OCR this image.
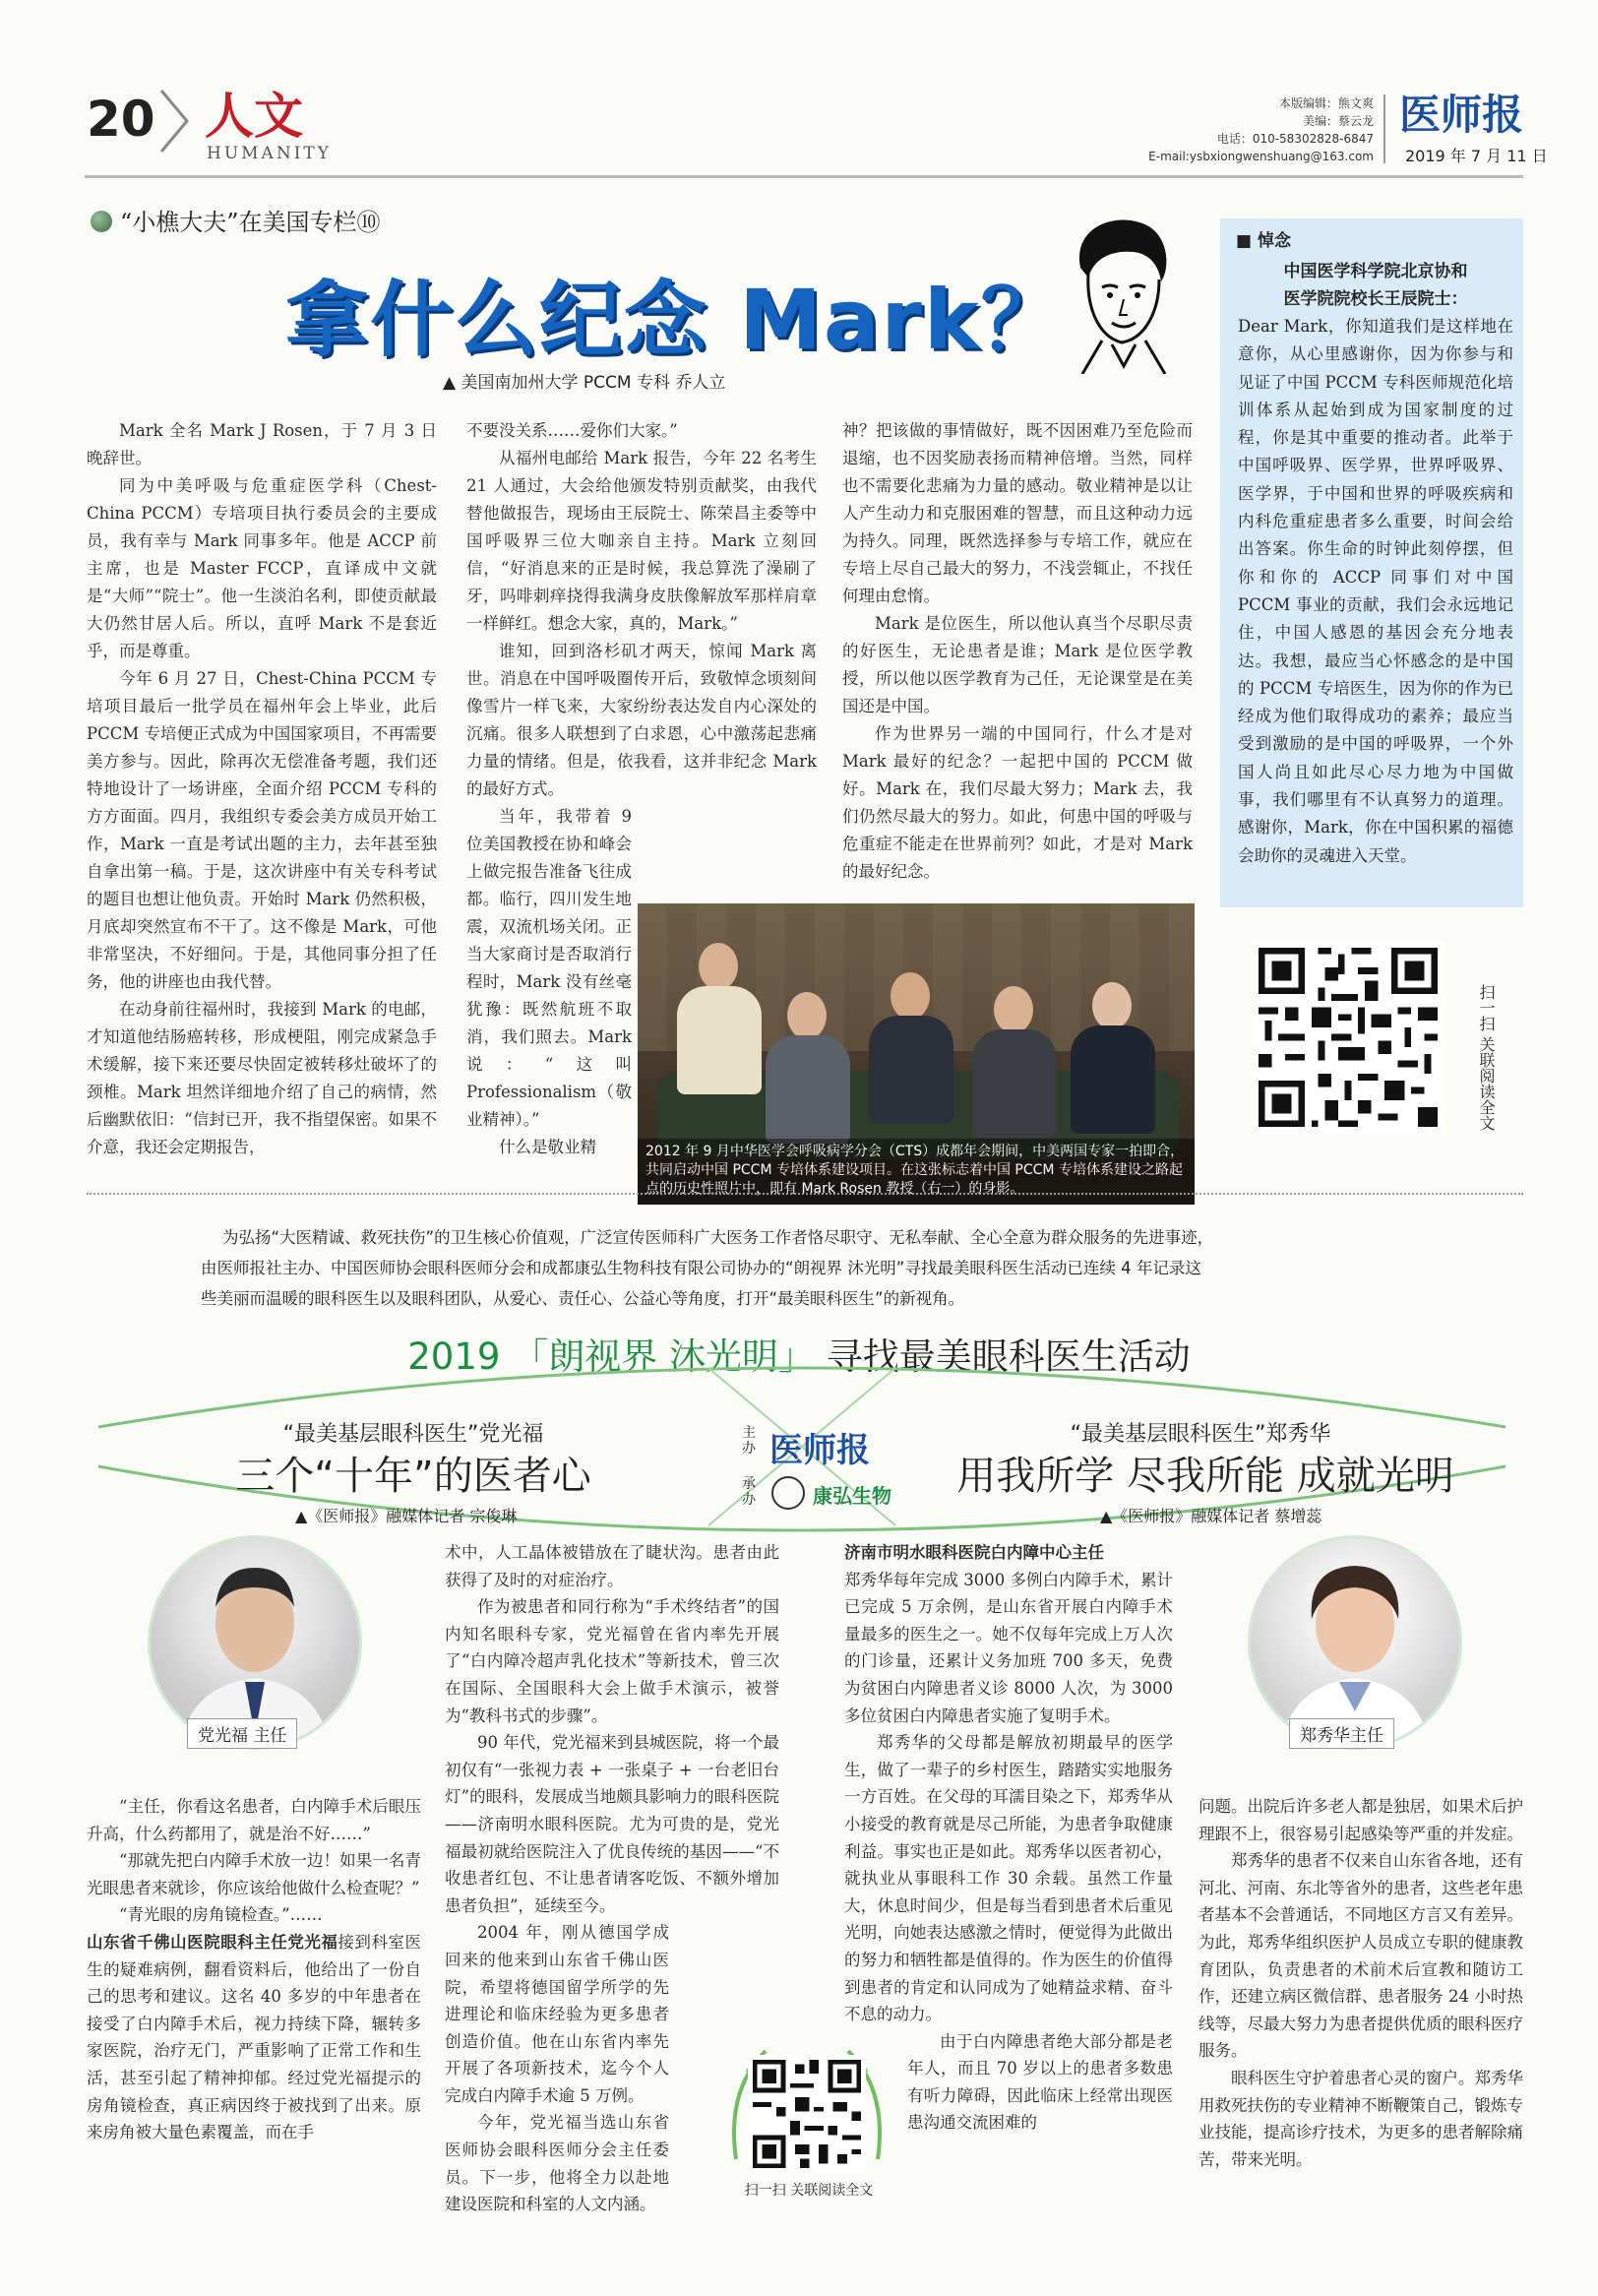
20 人文
HUMANITY
本版编辑：熊文爽
美编：蔡云龙
电话：010-58302828-6847
E-mail:ysbxiongwenshuang@163.com
医师报
2019 年 7 月 11 日
“小樵大夫”在美国专栏⑩
拿什么纪念 Mark？
▲ 美国南加州大学 PCCM 专科 乔人立

Mark 全名 Mark J Rosen，于 7 月 3 日晚辞世。

同为中美呼吸与危重症医学科（Chest-China PCCM）专培项目执行委员会的主要成员，我有幸与 Mark 同事多年。他是 ACCP 前主席，也是 Master FCCP，直译成中文就是“大师”“院士”。他一生淡泊名利，即使贡献最大仍然甘居人后。所以，直呼 Mark 不是套近乎，而是尊重。

今年 6 月 27 日，Chest-China PCCM 专培项目最后一批学员在福州年会上毕业，此后 PCCM 专培便正式成为中国国家项目，不再需要美方参与。因此，除再次无偿准备考题，我们还特地设计了一场讲座，全面介绍 PCCM 专科的方方面面。四月，我组织专委会美方成员开始工作，Mark 一直是考试出题的主力，去年甚至独自拿出第一稿。于是，这次讲座中有关专科考试的题目也想让他负责。开始时 Mark 仍然积极，月底却突然宣布不干了。这不像是 Mark，可他非常坚决，不好细问。于是，其他同事分担了任务，他的讲座也由我代替。

在动身前往福州时，我接到 Mark 的电邮，才知道他结肠癌转移，形成梗阻，刚完成紧急手术缓解，接下来还要尽快固定被转移灶破坏了的颈椎。Mark 坦然详细地介绍了自己的病情，然后幽默依旧：“信封已开，我不指望保密。如果不介意，我还会定期报告，

不要没关系……爱你们大家。”

从福州电邮给 Mark 报告，今年 22 名考生 21 人通过，大会给他颁发特别贡献奖，由我代替他做报告，现场由王辰院士、陈荣昌主委等中国呼吸界三位大咖亲自主持。Mark 立刻回信，“好消息来的正是时候，我总算洗了澡刷了牙，吗啡刺痒挠得我满身皮肤像解放军那样肩章一样鲜红。想念大家，真的，Mark。”

谁知，回到洛杉矶才两天，惊闻 Mark 离世。消息在中国呼吸圈传开后，致敬悼念顷刻间像雪片一样飞来，大家纷纷表达发自内心深处的沉痛。很多人联想到了白求恩，心中激荡起悲痛力量的情绪。但是，依我看，这并非纪念 Mark 的最好方式。

当年，我带着 9 位美国教授在协和峰会上做完报告准备飞往成都。临行，四川发生地震，双流机场关闭。正当大家商讨是否取消行程时，Mark 没有丝毫犹豫：既然航班不取消，我们照去。Mark 说：“这叫 Professionalism（敬业精神）。”

什么是敬业精

神？把该做的事情做好，既不因困难乃至危险而退缩，也不因奖励表扬而精神倍增。当然，同样也不需要化悲痛为力量的感动。敬业精神是以让人产生动力和克服困难的智慧，而且这种动力远为持久。同理，既然选择参与专培工作，就应在专培上尽自己最大的努力，不浅尝辄止，不找任何理由怠惰。

Mark 是位医生，所以他认真当个尽职尽责的好医生，无论患者是谁；Mark 是位医学教授，所以他以医学教育为己任，无论课堂是在美国还是中国。

作为世界另一端的中国同行，什么才是对 Mark 最好的纪念？一起把中国的 PCCM 做好。Mark 在，我们尽最大努力；Mark 去，我们仍然尽最大的努力。如此，何患中国的呼吸与危重症不能走在世界前列？如此，才是对 Mark 的最好纪念。

2012 年 9 月中华医学会呼吸病学分会（CTS）成都年会期间，中美两国专家一拍即合，共同启动中国 PCCM 专培体系建设项目。在这张标志着中国 PCCM 专培体系建设之路起点的历史性照片中，即有 Mark Rosen 教授（右一）的身影。
■ 悼念
中国医学科学院北京协和
医学院院校长王辰院士：
Dear Mark，你知道我们是这样地在意你，从心里感谢你，因为你参与和见证了中国 PCCM 专科医师规范化培训体系从起始到成为国家制度的过程，你是其中重要的推动者。此举于中国呼吸界、医学界，世界呼吸界、医学界，于中国和世界的呼吸疾病和内科危重症患者多么重要，时间会给出答案。你生命的时钟此刻停摆，但你和你的 ACCP 同事们对中国 PCCM 事业的贡献，我们会永远地记住，中国人感恩的基因会充分地表达。我想，最应当心怀感念的是中国的 PCCM 专培医生，因为你的作为已经成为他们取得成功的素养；最应当受到激励的是中国的呼吸界，一个外国人尚且如此尽心尽力地为中国做事，我们哪里有不认真努力的道理。感谢你，Mark，你在中国积累的福德会助你的灵魂进入天堂。
扫一扫 关联阅读全文
为弘扬“大医精诚、救死扶伤”的卫生核心价值观，广泛宣传医师科广大医务工作者恪尽职守、无私奉献、全心全意为群众服务的先进事迹，
由医师报社主办、中国医师协会眼科医师分会和成都康弘生物科技有限公司协办的“朗视界 沐光明”寻找最美眼科医生活动已连续 4 年记录这
些美丽而温暖的眼科医生以及眼科团队，从爱心、责任心、公益心等角度，打开“最美眼科医生”的新视角。
2019 「朗视界 沐光明」 寻找最美眼科医生活动
“最美基层眼科医生”党光福
三个“十年”的医者心
▲《医师报》融媒体记者 宗俊琳
“最美基层眼科医生”郑秀华
用我所学 尽我所能 成就光明
▲《医师报》融媒体记者 蔡增蕊
主办 医师报
承办	康弘生物
党光福 主任	郑秀华主任

“主任，你看这名患者，白内障手术后眼压升高，什么药都用了，就是治不好……”

“那就先把白内障手术放一边！如果一名青光眼患者来就诊，你应该给他做什么检查呢？”

“青光眼的房角镜检查。”……

山东省千佛山医院眼科主任党光福接到科室医生的疑难病例，翻看资料后，他给出了一份自己的思考和建议。这名 40 多岁的中年患者在接受了白内障手术后，视力持续下降，辗转多家医院，治疗无门，严重影响了正常工作和生活，甚至引起了精神抑郁。经过党光福提示的房角镜检查，真正病因终于被找到了出来。原来房角被大量色素覆盖，而在手

术中，人工晶体被错放在了睫状沟。患者由此获得了及时的对症治疗。

作为被患者和同行称为“手术终结者”的国内知名眼科专家，党光福曾在省内率先开展了“白内障冷超声乳化技术”等新技术，曾三次在国际、全国眼科大会上做手术演示，被誉为“教科书式的步骤”。

90 年代，党光福来到县城医院，将一个最初仅有“一张视力表 + 一张桌子 + 一台老旧台灯”的眼科，发展成当地颇具影响力的眼科医院——济南明水眼科医院。尤为可贵的是，党光福最初就给医院注入了优良传统的基因——“不收患者红包、不让患者请客吃饭、不额外增加患者负担”，延续至今。

2004 年，刚从德国学成回来的他来到山东省千佛山医院，希望将德国留学所学的先进理论和临床经验为更多患者创造价值。他在山东省内率先开展了各项新技术，迄今个人完成白内障手术逾 5 万例。

今年，党光福当选山东省医师协会眼科医师分会主任委员。下一步，他将全力以赴地建设医院和科室的人文内涵。

济南市明水眼科医院白内障中心主任

郑秀华每年完成 3000 多例白内障手术，累计已完成 5 万余例，是山东省开展白内障手术量最多的医生之一。她不仅每年完成上万人次的门诊量，还累计义务加班 700 多天，免费为贫困白内障患者义诊 8000 人次，为 3000 多位贫困白内障患者实施了复明手术。

郑秀华的父母都是解放初期最早的医学生，做了一辈子的乡村医生，踏踏实实地服务一方百姓。在父母的耳濡目染之下，郑秀华从小接受的教育就是尽己所能，为患者争取健康利益。事实也正是如此。郑秀华以医者初心，就执业从事眼科工作 30 余载。虽然工作量大，休息时间少，但是每当看到患者术后重见光明，向她表达感激之情时，便觉得为此做出的努力和牺牲都是值得的。作为医生的价值得到患者的肯定和认同成为了她精益求精、奋斗不息的动力。

由于白内障患者绝大部分都是老年人，而且 70 岁以上的患者多数患有听力障碍，因此临床上经常出现医患沟通交流困难的

问题。出院后许多老人都是独居，如果术后护理跟不上，很容易引起感染等严重的并发症。

郑秀华的患者不仅来自山东省各地，还有河北、河南、东北等省外的患者，这些老年患者基本不会普通话，不同地区方言又有差异。为此，郑秀华组织医护人员成立专职的健康教育团队，负责患者的术前术后宣教和随访工作，还建立病区微信群、患者服务 24 小时热线等，尽最大努力为患者提供优质的眼科医疗服务。

眼科医生守护着患者心灵的窗户。郑秀华用救死扶伤的专业精神不断鞭策自己，锻炼专业技能，提高诊疗技术，为更多的患者解除痛苦，带来光明。

扫一扫 关联阅读全文
